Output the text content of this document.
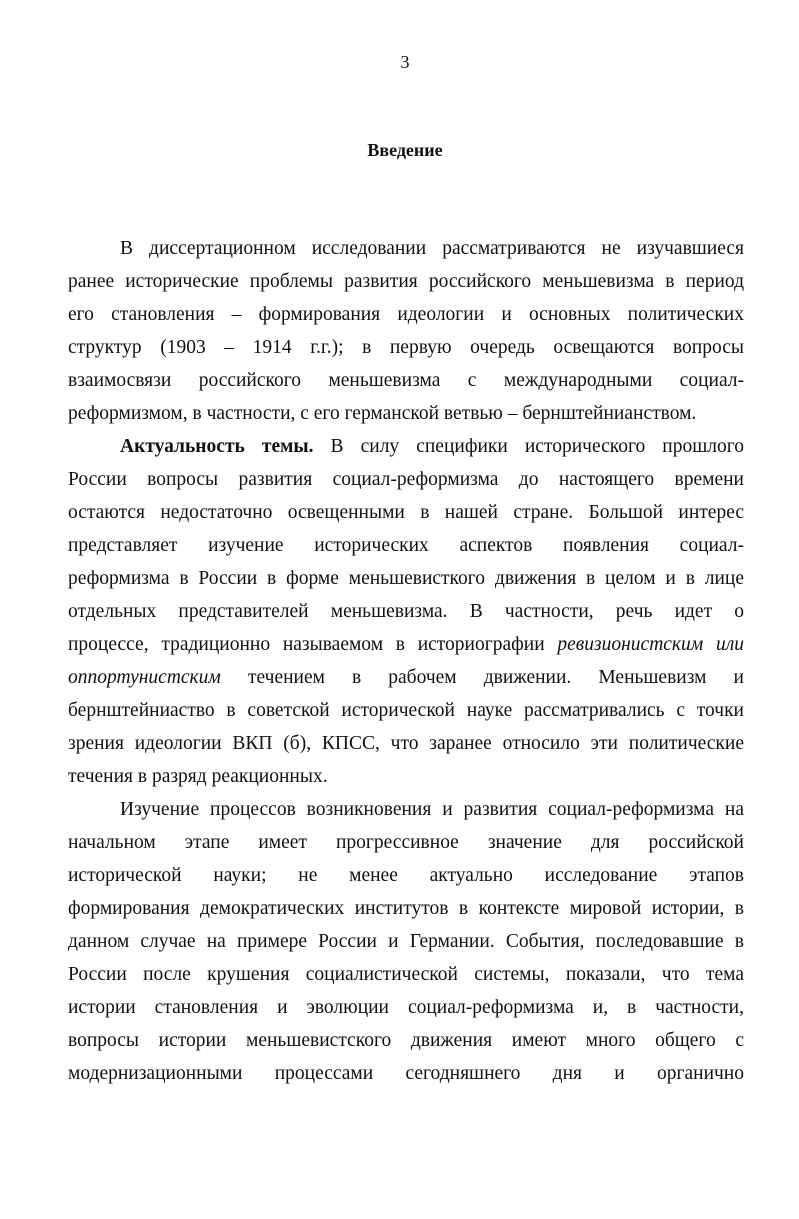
3
Введение
В диссертационном исследовании рассматриваются не изучавшиеся
ранее исторические проблемы развития российского меньшевизма в период
его становления – формирования идеологии и основных политических
структур (1903 – 1914 г.г.); в первую очередь освещаются вопросы
взаимосвязи российского меньшевизма с международными социал-
реформизмом, в частности, с его германской ветвью – бернштейнианством.
Актуальность темы. В силу специфики исторического прошлого
России вопросы развития социал-реформизма до настоящего времени
остаются недостаточно освещенными в нашей стране. Большой интерес
представляет изучение исторических аспектов появления социал-
реформизма в России в форме меньшевисткого движения в целом и в лице
отдельных представителей меньшевизма. В частности, речь идет о
процессе, традиционно называемом в историографии ревизионистским или
оппортунистским течением в рабочем движении. Меньшевизм и
бернштейниаство в советской исторической науке рассматривались с точки
зрения идеологии ВКП (б), КПСС, что заранее относило эти политические
течения в разряд реакционных.
Изучение процессов возникновения и развития социал-реформизма на
начальном этапе имеет прогрессивное значение для российской
исторической науки; не менее актуально исследование этапов
формирования демократических институтов в контексте мировой истории, в
данном случае на примере России и Германии. События, последовавшие в
России после крушения социалистической системы, показали, что тема
истории становления и эволюции социал-реформизма и, в частности,
вопросы истории меньшевистского движения имеют много общего с
модернизационными процессами сегодняшнего дня и органично
